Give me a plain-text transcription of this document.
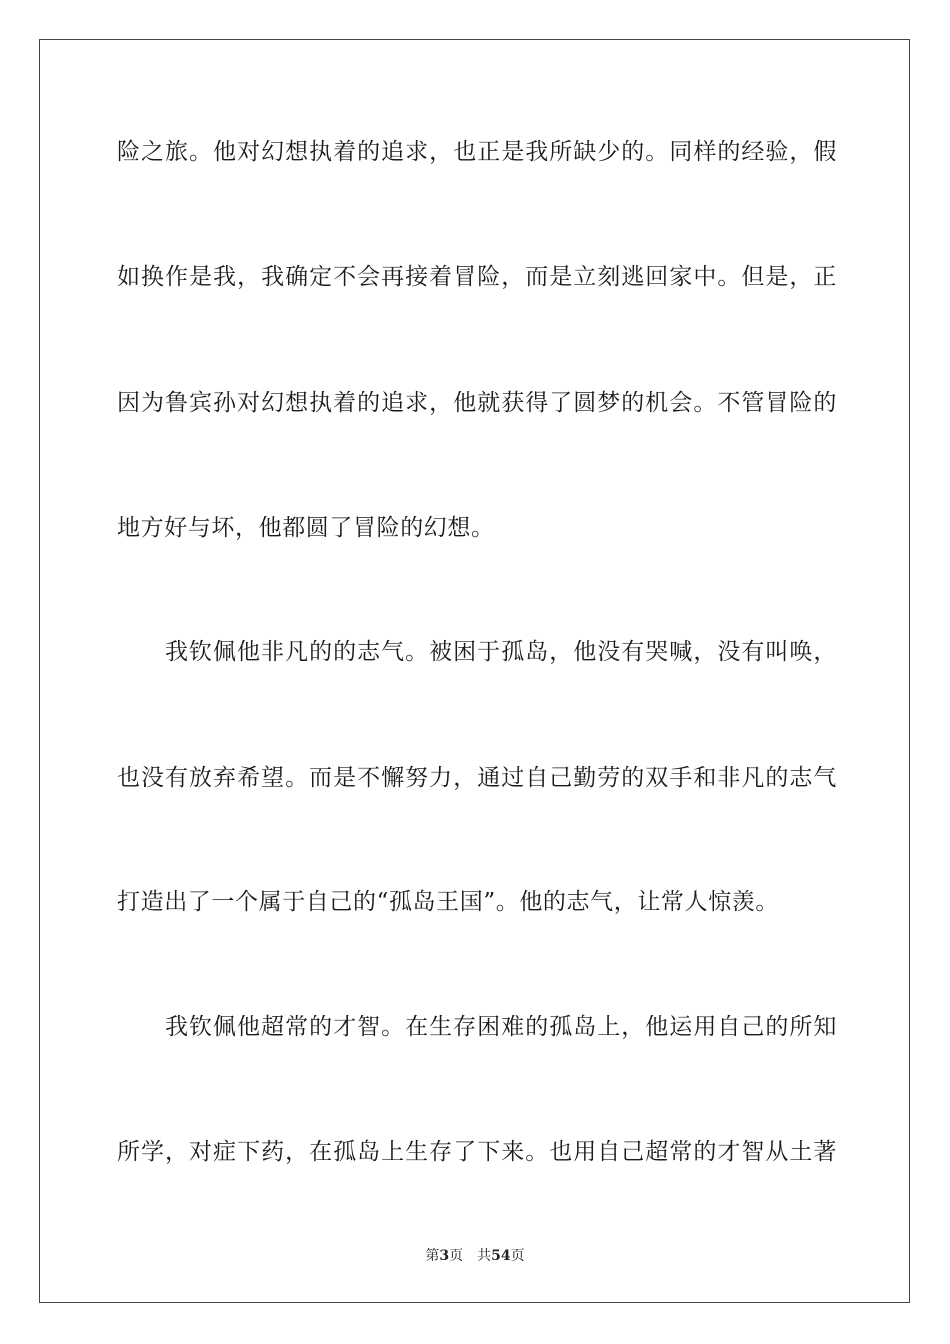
险之旅。他对幻想执着的追求，也正是我所缺少的。同样的经验，假
如换作是我，我确定不会再接着冒险，而是立刻逃回家中。但是，正
因为鲁宾孙对幻想执着的追求，他就获得了圆梦的机会。不管冒险的
地方好与坏，他都圆了冒险的幻想。
我钦佩他非凡的的志气。被困于孤岛，他没有哭喊，没有叫唤，
也没有放弃希望。而是不懈努力，通过自己勤劳的双手和非凡的志气
打造出了一个属于自己的“孤岛王国”。他的志气，让常人惊羡。
我钦佩他超常的才智。在生存困难的孤岛上，他运用自己的所知
所学，对症下药，在孤岛上生存了下来。也用自己超常的才智从土著
第3页 共54页
